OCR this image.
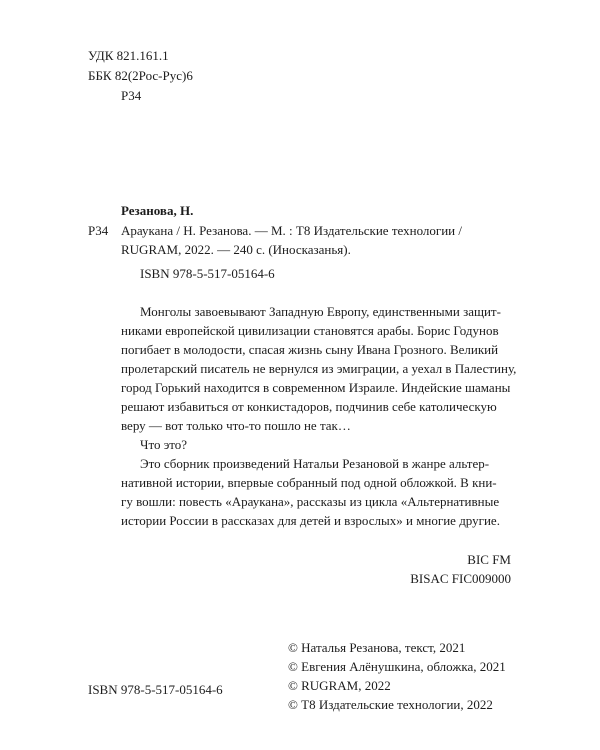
УДК 821.161.1
ББК 82(2Рос-Рус)6
Р34
Резанова, Н.
Р34 Араукана / Н. Резанова. — М. : Т8 Издательские технологии /
RUGRAM, 2022. — 240 с. (Иносказанья).
ISBN 978-5-517-05164-6
Монголы завоевывают Западную Европу, единственными защит-
никами европейской цивилизации становятся арабы. Борис Годунов
погибает в молодости, спасая жизнь сыну Ивана Грозного. Великий
пролетарский писатель не вернулся из эмиграции, а уехал в Палестину,
город Горький находится в современном Израиле. Индейские шаманы
решают избавиться от конкистадоров, подчинив себе католическую
веру — вот только что-то пошло не так…
Что это?
Это сборник произведений Натальи Резановой в жанре альтер-
нативной истории, впервые собранный под одной обложкой. В кни-
гу вошли: повесть «Араукана», рассказы из цикла «Альтернативные
истории России в рассказах для детей и взрослых» и многие другие.
BIC FM
BISAC FIC009000
© Наталья Резанова, текст, 2021
© Евгения Алёнушкина, обложка, 2021
© RUGRAM, 2022
© Т8 Издательские технологии, 2022
ISBN 978-5-517-05164-6
